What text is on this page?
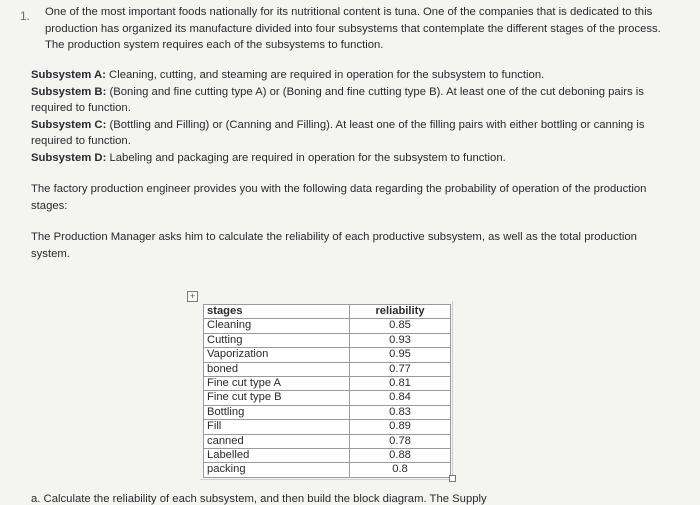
1. One of the most important foods nationally for its nutritional content is tuna. One of the companies that is dedicated to this production has organized its manufacture divided into four subsystems that contemplate the different stages of the process. The production system requires each of the subsystems to function.

Subsystem A: Cleaning, cutting, and steaming are required in operation for the subsystem to function.

Subsystem B: (Boning and fine cutting type A) or (Boning and fine cutting type B). At least one of the cut deboning pairs is required to function.

Subsystem C: (Bottling and Filling) or (Canning and Filling). At least one of the filling pairs with either bottling or canning is required to function.

Subsystem D: Labeling and packaging are required in operation for the subsystem to function.

The factory production engineer provides you with the following data regarding the probability of operation of the production stages:

The Production Manager asks him to calculate the reliability of each productive subsystem, as well as the total production system.

+
stages	reliability
Cleaning	0.85
Cutting	0.93
Vaporization	0.95
boned	0.77
Fine cut type A	0.81
Fine cut type B	0.84
Bottling	0.83
Fill	0.89
canned	0.78
Labelled	0.88
packing	0.8
a. Calculate the reliability of each subsystem, and then build the block diagram. The Supply
